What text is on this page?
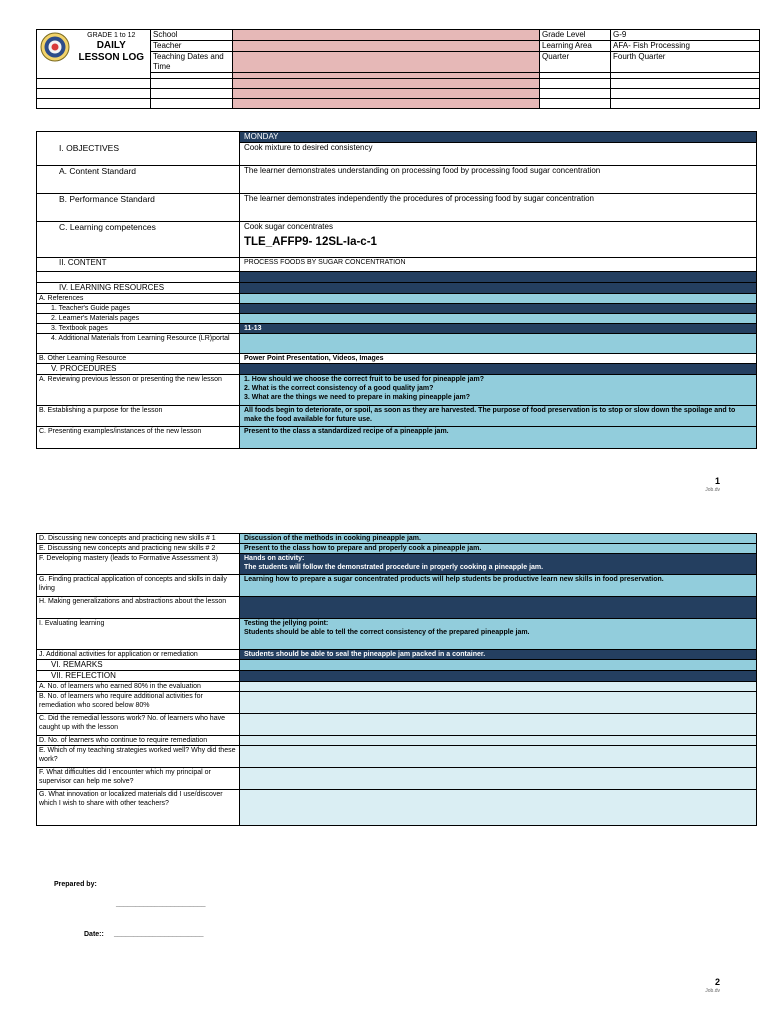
GRADE 1 to 12
DAILY
LESSON LOG	School		Grade Level	G-9
		Teacher		Learning Area	AFA- Fish Processing
		Teaching Dates and Time		Quarter	Fourth Quarter

	MONDAY
I. OBJECTIVES	Cook mixture to desired consistency
A. Content Standard	The learner demonstrates understanding on processing food by processing food sugar concentration
B. Performance Standard	The learner demonstrates independently the procedures of processing food by sugar concentration
C. Learning competences	Cook sugar concentrates
TLE_AFFP9- 12SL-Ia-c-1

II. CONTENT	PROCESS FOODS BY SUGAR CONCENTRATION

IV. LEARNING RESOURCES	
A. References	
1. Teacher's Guide pages	
2. Learner's Materials pages	
3. Textbook pages	11-13
4. Additional Materials from Learning Resource (LR)portal	
B. Other Learning Resource	Power Point Presentation, Videos, Images
V. PROCEDURES	
A. Reviewing previous lesson or presenting the new lesson	1. How should we choose the correct fruit to be used for pineapple jam?
2. What is the correct consistency of a good quality jam?
3. What are the things we need to prepare in making pineapple jam?

B. Establishing a purpose for the lesson	All foods begin to deteriorate, or spoil, as soon as they are harvested. The purpose of food preservation is to stop or slow down the spoilage and to make the food available for future use.
C. Presenting examples/instances of the new lesson	Present to the class a standardized recipe of a pineapple jam.
1
Job.dv
D. Discussing new concepts and practicing new skills # 1	Discussion of the methods in cooking pineapple jam.
E. Discussing new concepts and practicing new skills # 2	Present to the class how to prepare and properly cook a pineapple jam.
F. Developing mastery (leads to Formative Assessment 3)	Hands on activity:
The students will follow the demonstrated procedure in properly cooking a pineapple jam.

G. Finding practical application of concepts and skills in daily living	Learning how to prepare a sugar concentrated products will help students be productive learn new skills in food preservation.
H. Making generalizations and abstractions about the lesson	
I. Evaluating learning	Testing the jellying point:
Students should be able to tell the correct consistency of the prepared pineapple jam.

J. Additional activities for application or remediation	Students should be able to seal the pineapple jam packed in a container.
VI. REMARKS	
VII. REFLECTION	
A. No. of learners who earned 80% in the evaluation	
B. No. of learners who require additional activities for remediation who scored below 80%	
C. Did the remedial lessons work? No. of learners who have caught up with the lesson	
D. No. of learners who continue to require remediation	
E. Which of my teaching strategies worked well? Why did these work?	
F. What difficulties did I encounter which my principal or supervisor can help me solve?	
G. What innovation or localized materials did I use/discover which I wish to share with other teachers?	
Prepared by:
_______________________
Date:: _______________________
2
Job.dv
